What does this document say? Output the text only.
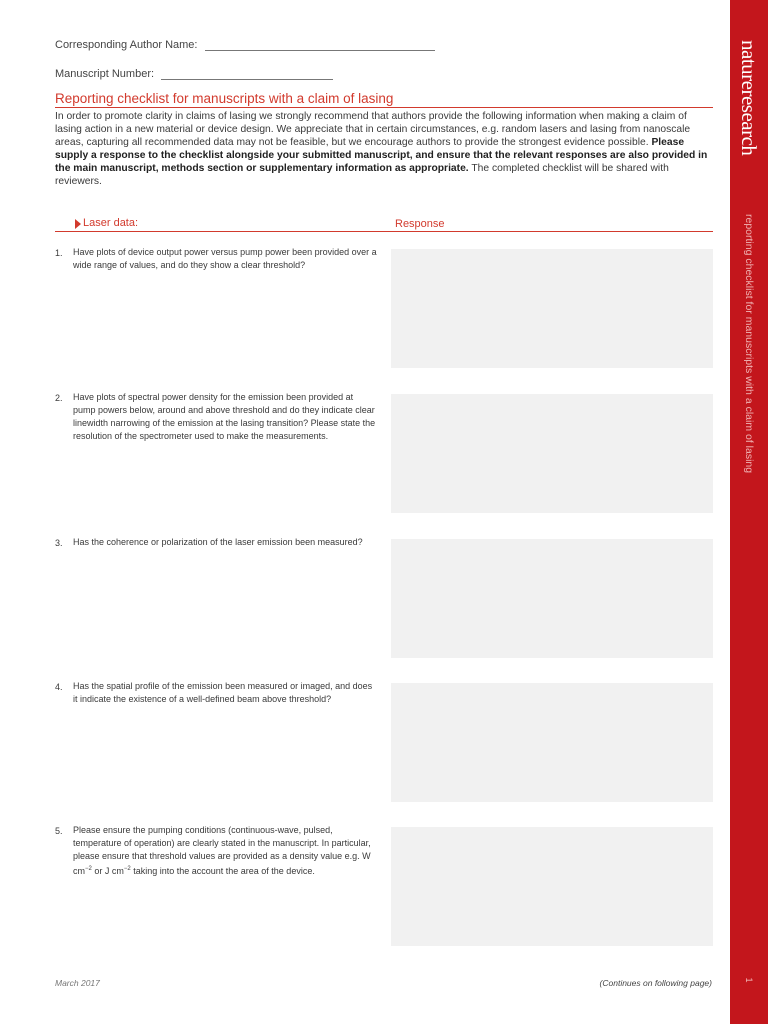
Corresponding Author Name:
Manuscript Number:
Reporting checklist for manuscripts with a claim of lasing
In order to promote clarity in claims of lasing we strongly recommend that authors provide the following information when making a claim of lasing action in a new material or device design. We appreciate that in certain circumstances, e.g. random lasers and lasing from nanoscale areas, capturing all recommended data may not be feasible, but we encourage authors to provide the strongest evidence possible. Please supply a response to the checklist alongside your submitted manuscript, and ensure that the relevant responses are also provided in the main manuscript, methods section or supplementary information as appropriate. The completed checklist will be shared with reviewers.
Laser data:	Response
1. Have plots of device output power versus pump power been provided over a wide range of values, and do they show a clear threshold?
2. Have plots of spectral power density for the emission been provided at pump powers below, around and above threshold and do they indicate clear linewidth narrowing of the emission at the lasing transition? Please state the resolution of the spectrometer used to make the measurements.
3. Has the coherence or polarization of the laser emission been measured?
4. Has the spatial profile of the emission been measured or imaged, and does it indicate the existence of a well-defined beam above threshold?
5. Please ensure the pumping conditions (continuous-wave, pulsed, temperature of operation) are clearly stated in the manuscript. In particular, please ensure that threshold values are provided as a density value e.g. W $cm^{-2}$ or J $cm^{-2}$ taking into the account the area of the device.
March 2017	(Continues on following page)
natureresearch
reporting checklist for manuscripts with a claim of lasing
1
